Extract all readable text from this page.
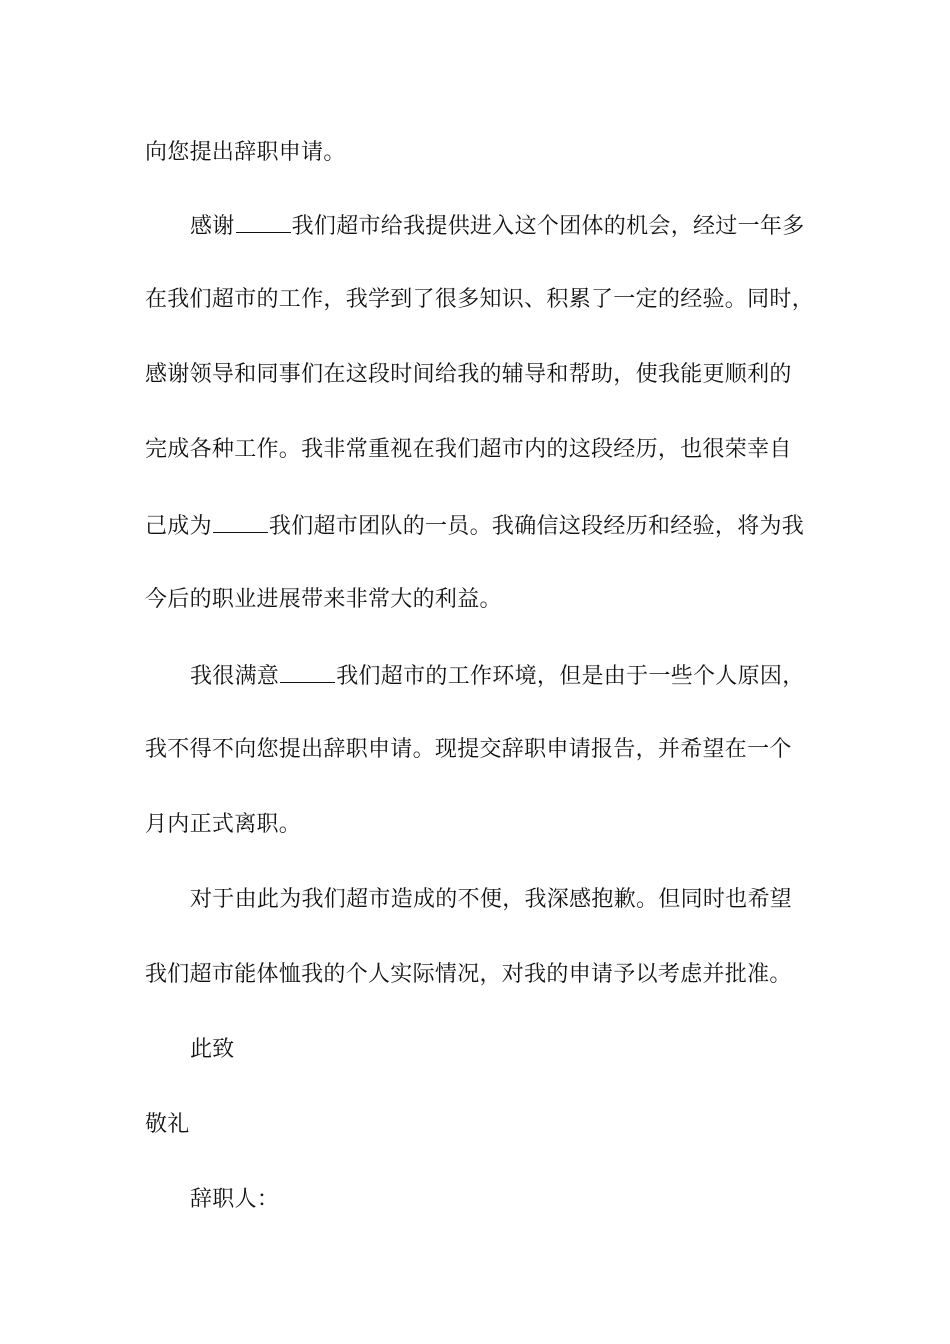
向您提出辞职申请。
感谢	我们超市给我提供进入这个团体的机会，经过一年多
在我们超市的工作，我学到了很多知识、积累了一定的经验。同时，
感谢领导和同事们在这段时间给我的辅导和帮助，使我能更顺利的
完成各种工作。我非常重视在我们超市内的这段经历，也很荣幸自
己成为	我们超市团队的一员。我确信这段经历和经验，将为我
今后的职业进展带来非常大的利益。
我很满意	我们超市的工作环境，但是由于一些个人原因，
我不得不向您提出辞职申请。现提交辞职申请报告，并希望在一个
月内正式离职。
对于由此为我们超市造成的不便，我深感抱歉。但同时也希望
我们超市能体恤我的个人实际情况，对我的申请予以考虑并批准。
此致
敬礼
辞职人：
